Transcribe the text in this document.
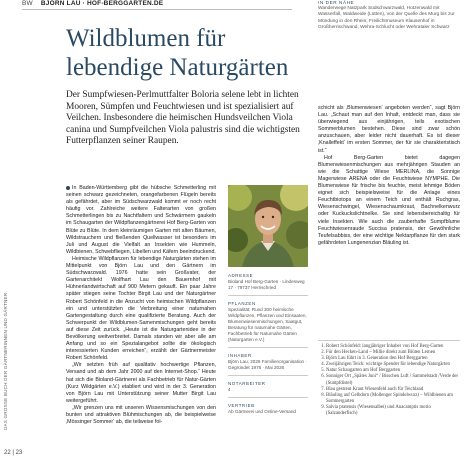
BW BJÖRN LAU · HOF-BERGGARTEN.DE
Wildblumen für lebendige Naturgärten

Der Sumpfwiesen-Perlmuttfalter Boloria selene lebt in lichten Mooren, Sümpfen und Feuchtwiesen und ist spezialisiert auf Veilchen. Insbesondere die heimischen Hundsveilchen Viola canina und Sumpfveilchen Viola palustris sind die wichtigsten Futterpflanzen seiner Raupen.

DAS GROSSE BUCH DER GÄRTNERINNEN UND GÄRTNER
22 | 23

In Baden-Württemberg gibt die hübsche Schmetterling mit seinen schwarz gezeichneten, orangefarbenen Flügeln bereits als gefährdet, aber im Südschwarzwald kommt er noch recht häufig vor. Zahlreiche weitere Falterarten von großen Schmetterlingen bis zu Nachtfaltern und Schwärmern gaukeln im Schaugarten der Wildpflanzengärtnerei Hof Berg-Garten von Blüte zu Blüte. In dem kleinräumigen Garten mit alten Bäumen, Wildstrauchern und fließenden Quellwasser ist besonders im Juli und August die Vielfalt an Insekten wie Hummeln, Wildbienen, Schwebfliegen, Libellen und Käfern beeindruckend.

Heimische Wildpflanzen für lebendige Naturgärten stehen im Mittelpunkt von Björn Lau und den Gärtnern im Südschwarzwald. 1976 hatte sein Großvater, der Gartenarchitekt Wolfhart Lau den Bauernhof mit Hühnerlandwirtschaft auf 900 Metern gekauft. Ein paar Jahre später stiegen seine Tochter Birgit Lau und der Naturgärtner Robert Schönfeld in die Anzucht von heimischen Wildpflanzen ein und unterstützten die Verbreitung einer naturnahen Gartengestaltung durch eine qualifizierte Beratung. Auch der Schwerpunkt der Wildblumen-Samenmischungen geht bereits auf diese Zeit zurück. „Heute ist die Naturgartenidee in der Bevölkerung weitverbreitet. Damals standen wir aber alle am Anfang und so ein Spezialangebot sollte die ökologisch interessierten Kunden erreichen“, erzählt der Gärtnermeister Robert Schönfeld.

„Wir setzten früh auf qualitativ hochwertige Pflanzen, Versand und ab dem Jahr 2000 auf den Internet-Shop.“ Heute hat sich die Bioland-Gärtnerei als Fachbetrieb für Natur-Gärten (Kurz Wildgärten e.V.) etabliert und wird in der 3. Generation von Björn Lau mit Unterstützung seiner Mutter Birgit Lau weitergeführt.

„Wir grenzen uns mit unseren Wissensmischungen von den bunten und attraktiven Blühmischungen ab, die beispielweise ‚Mössinger Sommer‘ ab, die teilweise fol-

ADRESSE
Bioland Hof Berg-Garten · Lindenweg 17 · 79737 Herrischried
PFLANZEN
Spezialität: Rund 300 heimische Wildpflanzen, Pflanzen und Einsaaten, Blumenwiesenmischungen, Saatgut, Beratung für naturnahe Gärten, Fachbetrieb für Naturnahe Gärten (Naturgarten e.V.)
INHABER
Björn Lau, 2026 Familienorganisation · Gegründet 1976 · Mai 2026
NOTARBEITER
4
VERTRIEB
Ab Gärtnerei und Online-Versand
IN DER NÄHE
Wanderwege Natzpark Südschwarzwald, Hotzenwald mit Wasserfall, Waldweide (Lütten), von der Quelle des Murg bis zur Mündung in den Rhein; Freilichtmuseum Klausenhof in Großherrischwand, Wehra-Schlucht oder Wehrataler Schwarz

schicht als ‚Blumenwiesen‘ angeboten werden“, sagt Björn Lau. „Schaut man auf den Inhalt, entdeckt man, dass sie überwiegend aus einjährigen, teils exotischen Sommerblumen bestehen. Diese sind zwar schön anzuschauen, aber leider nicht dauerhaft. Es ist dieser ‚Knalleffekt‘ im ersten Sommer, der für sie charakteristisch ist.“

Hof Berg-Garten bietet dagegen Blumenwiesenmischungen aus mehrjährigen Stauden an wie die Schattige Wiese MERLINA, die Sonnige Magerwiese ARENA oder die Feuchtwiese NYMPHE. Die Blumenwiese für frische bis feuchte, meist lehmige Böden eignet sich beispielsweise für die Anlage eines Feuchtbiotops an einem Teich und enthält Ruchgras, Wiesenschwingel, Wiesenschaumkraut, Bachnelkenwurz oder Kuckuckslichtnelke. Sie sind lebensbereichaltig für viele Insekten. Wie auch die zauberhafte Sumpfblume Feuchtwiesenraude Succisa pratensis, der Gewöhnliche Teufelsabbiss, der eine wichtige Nektarpflanze für den stark gefährdeten Lungenenzian Bläuling ist.

1. Robert Schönfeld: langjähriger Inhaber von Hof Berg-Garten
2. Für den Hecken-Land – Millie direkt zum Blüten Lernen
3. Björn Lau führt in 3. Generation den Hof Berggarten
4. Zweijährigen Teich: wichtige Spender für lebendige Naturgärten
5. Natur Schaugarten am Hof Berggarten
6. Sonniger Ort „Spätes Juni“ / Bisschen Luft / Sammelstadt /Verde der (Sumpfdistel)
7. Blau gestreut Kraut Wiesenfeld auch für Teichland
8. Bläuling auf Gelbdorn (Mollenger Spindelwurz) – Wildbienen am Sommergarten
9. Salvia pratensis (Wiesensalbei) und Anacamptis morio (Salzanderfisch)
